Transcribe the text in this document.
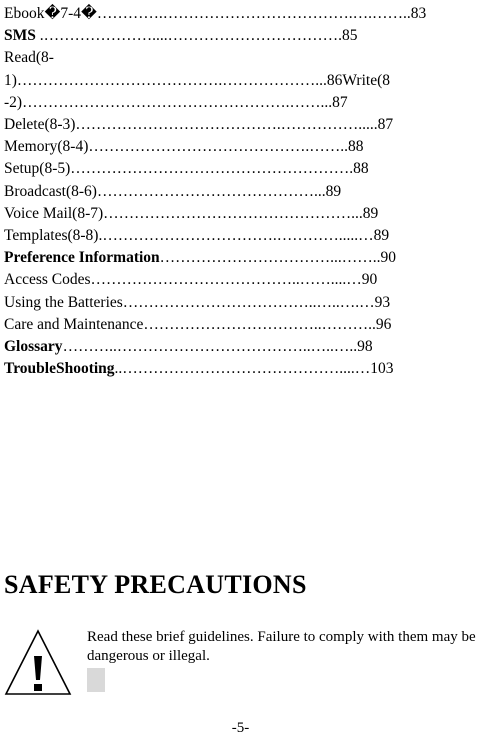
Ebook�7-4�………….……………………………….….……..83
SMS .…………………....…………………………….85
Read(8-
1)………………………………….………………...86Write(8
-2)…………………………………………….……...87
Delete(8-3)………………………………….…………….....87
Memory(8-4)…………………………………….……..88
Setup(8-5)……………………………………………….88
Broadcast(8-6)……………………………………...89
Voice Mail(8-7)…………………………………………...89
Templates(8-8).…………………………….………….....…89
Preference Information……………………………...……..90
Access Codes…………………………………..……....…90
Using the Batteries………………………………..…..….…93
Care and Maintenance……………………………..………..96
Glossary………..………………………………..…..…..98
TroubleShooting..……………………………………....…103
SAFETY PRECAUTIONS
Read these brief guidelines. Failure to comply with them may be dangerous or illegal.
-5-
